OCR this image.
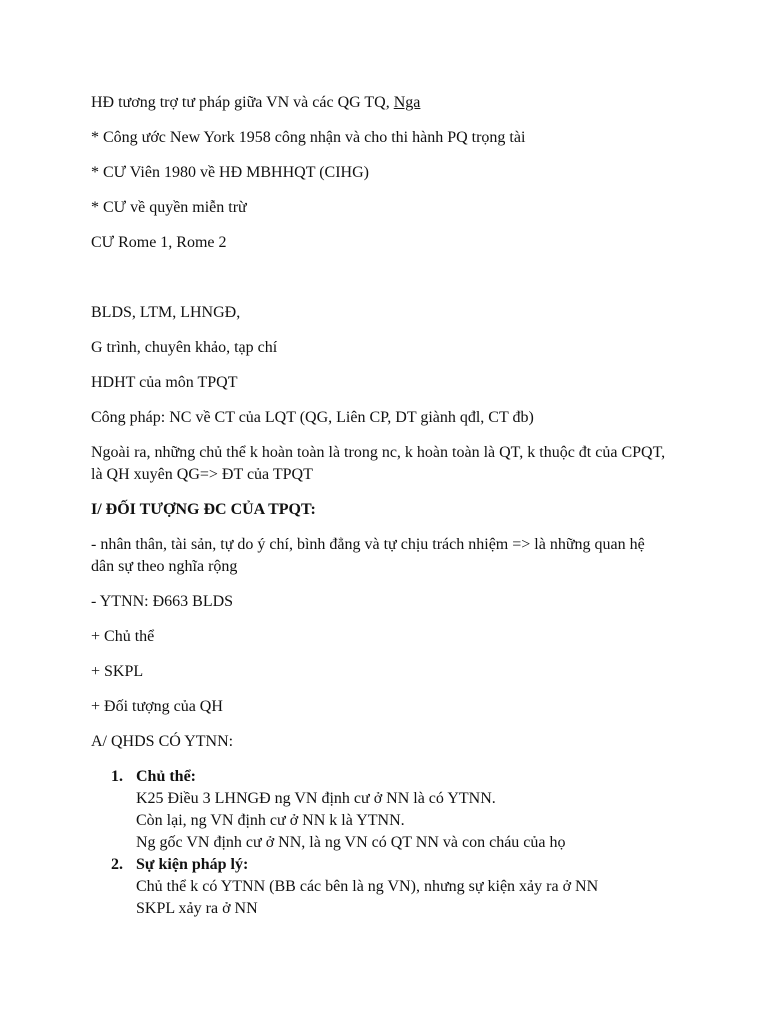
HĐ tương trợ tư pháp giữa VN và các QG TQ, Nga

* Công ước New York 1958 công nhận và cho thi hành PQ trọng tài

* CƯ Viên 1980 về HĐ MBHHQT (CIHG)

* CƯ về quyền miễn trừ

CƯ Rome 1, Rome 2

BLDS, LTM, LHNGĐ,

G trình, chuyên khảo, tạp chí

HDHT của môn TPQT

Công pháp: NC về CT của LQT (QG, Liên CP, DT giành qđl, CT đb)

Ngoài ra, những chủ thể k hoàn toàn là trong nc, k hoàn toàn là QT, k thuộc đt của CPQT, là QH xuyên QG=> ĐT của TPQT

I/ ĐỐI TƯỢNG ĐC CỦA TPQT:

- nhân thân, tài sản, tự do ý chí, bình đẳng và tự chịu trách nhiệm => là những quan hệ dân sự theo nghĩa rộng

- YTNN: Đ663 BLDS

+ Chủ thể

+ SKPL

+ Đối tượng của QH

A/ QHDS CÓ YTNN:

1. Chủ thể:
K25 Điều 3 LHNGĐ ng VN định cư ở NN là có YTNN.
Còn lại, ng VN định cư ở NN k là YTNN.
Ng gốc VN định cư ở NN, là ng VN có QT NN và con cháu của họ
2. Sự kiện pháp lý:
Chủ thể k có YTNN (BB các bên là ng VN), nhưng sự kiện xảy ra ở NN
SKPL xảy ra ở NN
